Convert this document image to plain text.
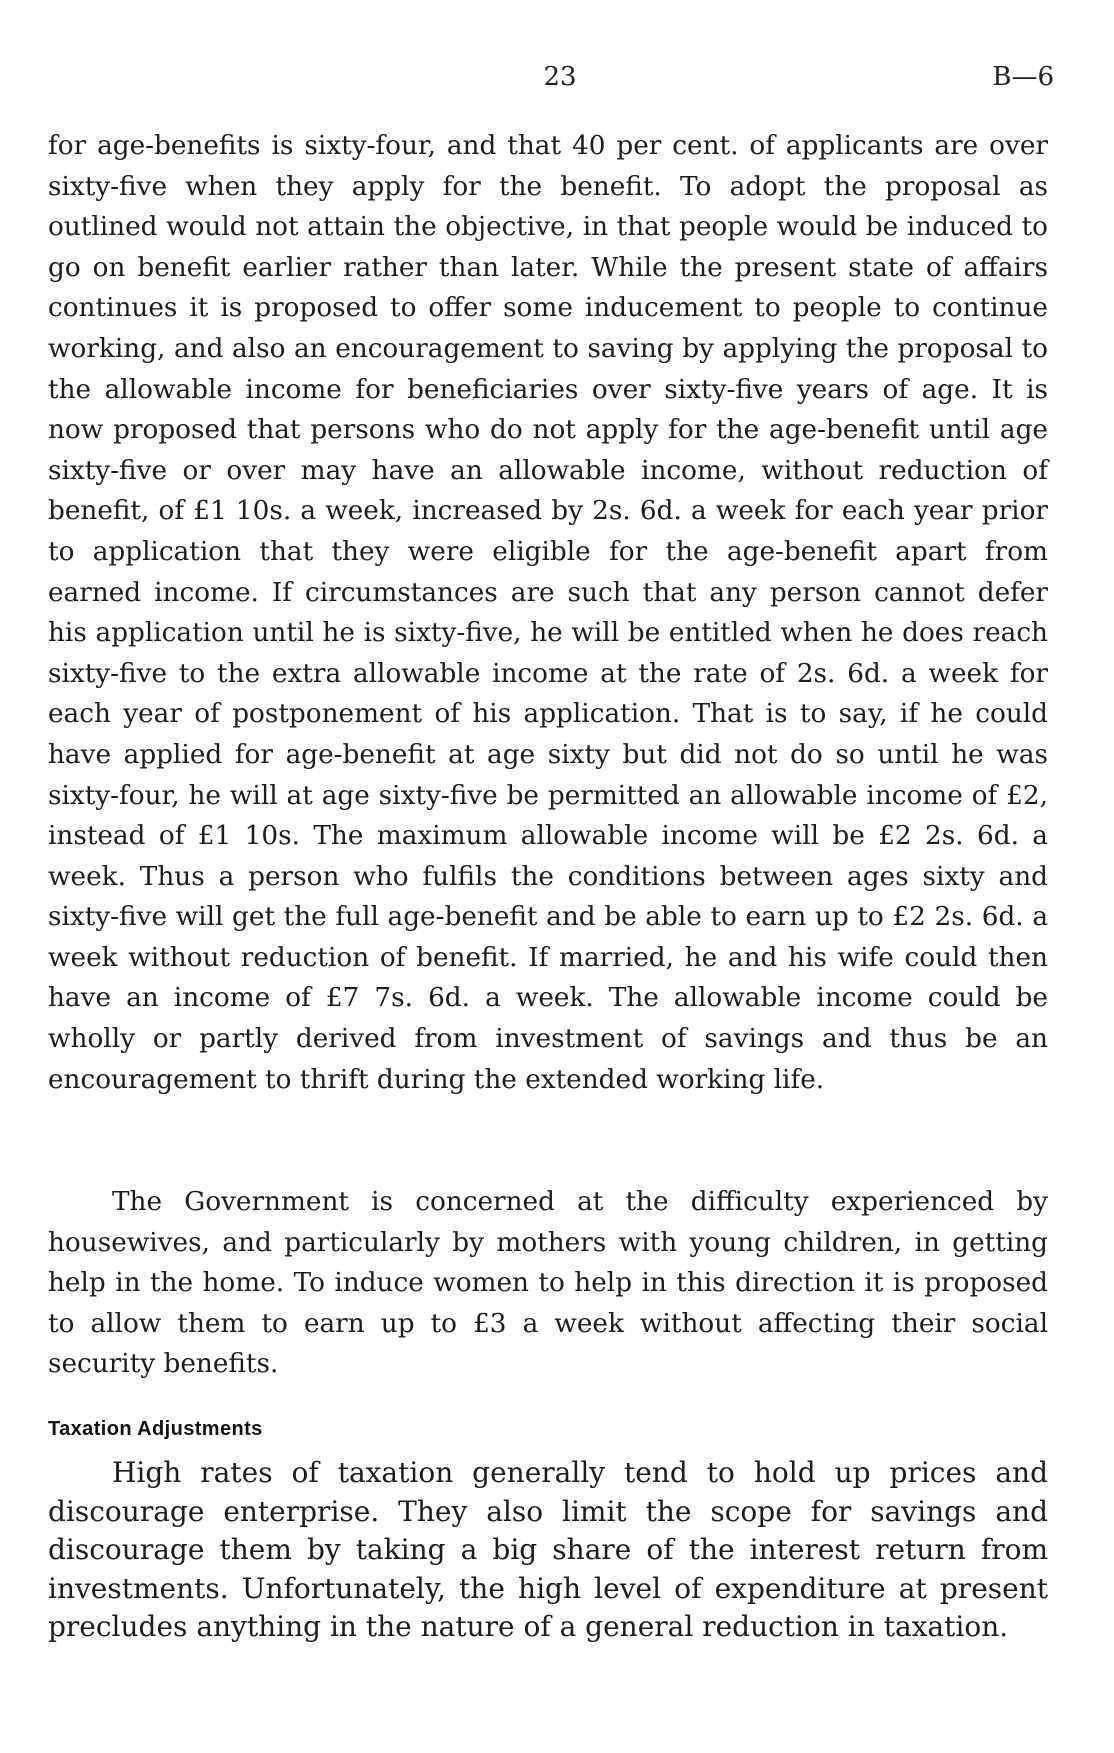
23	B—6

for age-benefits is sixty-four, and that 40 per cent. of applicants are over sixty-five when they apply for the benefit. To adopt the proposal as outlined would not attain the objective, in that people would be induced to go on benefit earlier rather than later. While the present state of affairs continues it is proposed to offer some inducement to people to continue working, and also an encouragement to saving by applying the proposal to the allowable income for beneficiaries over sixty-five years of age. It is now proposed that persons who do not apply for the age-benefit until age sixty-five or over may have an allowable income, without reduction of benefit, of £1 10s. a week, increased by 2s. 6d. a week for each year prior to application that they were eligible for the age-benefit apart from earned income. If circumstances are such that any person cannot defer his application until he is sixty-five, he will be entitled when he does reach sixty-five to the extra allowable income at the rate of 2s. 6d. a week for each year of postponement of his application. That is to say, if he could have applied for age-benefit at age sixty but did not do so until he was sixty-four, he will at age sixty-five be permitted an allowable income of £2, instead of £1 10s. The maximum allowable income will be £2 2s. 6d. a week. Thus a person who fulfils the conditions between ages sixty and sixty-five will get the full age-benefit and be able to earn up to £2 2s. 6d. a week without reduction of benefit. If married, he and his wife could then have an income of £7 7s. 6d. a week. The allowable income could be wholly or partly derived from investment of savings and thus be an encouragement to thrift during the extended working life.

The Government is concerned at the difficulty experienced by housewives, and particularly by mothers with young children, in getting help in the home. To induce women to help in this direction it is proposed to allow them to earn up to £3 a week without affecting their social security benefits.

Taxation Adjustments

High rates of taxation generally tend to hold up prices and discourage enterprise. They also limit the scope for savings and discourage them by taking a big share of the interest return from investments. Unfortunately, the high level of expenditure at present precludes anything in the nature of a general reduction in taxation.
